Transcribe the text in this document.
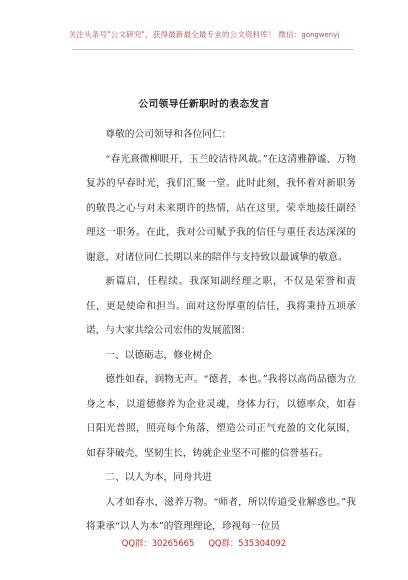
关注头条号"公文研究"，获得最新最全最专业的公文资料库！ 微信：gongwenyj
公司领导任新职时的表态发言

尊敬的公司领导和各位同仁：

“春光熹微柳眼开，玉兰皎洁待风裁。”在这清雅静谧、万物复苏的早春时光，我们汇聚一堂。此时此刻，我怀着对新职务的敬畏之心与对未来期许的热情，站在这里，荣幸地接任副经理这一职务。在此，我对公司赋予我的信任与重任表达深深的谢意，对诸位同仁长期以来的陪伴与支持致以最诚挚的敬意。

新篇启，任程续。我深知副经理之职，不仅是荣誉和责任，更是使命和担当。面对这份厚重的信任，我将秉持五项承诺，与大家共绘公司宏伟的发展蓝图：

一、以德砺志，修业树企

德性如春，润物无声。“德者，本也。”我将以高尚品德为立身之本，以道德修养为企业灵魂，身体力行，以德率众，如春日阳光普照，照亮每个角落，塑造公司正气充盈的文化氛围，如春芽破壳，坚韧生长，铸就企业坚不可摧的信誉基石。

二、以人为本，同舟共进

人才如春水，滋养万物。“师者，所以传道受业解惑也。”我将秉承“以人为本”的管理理论，珍视每一位员

QQ群：30265665 QQ群：535304092
